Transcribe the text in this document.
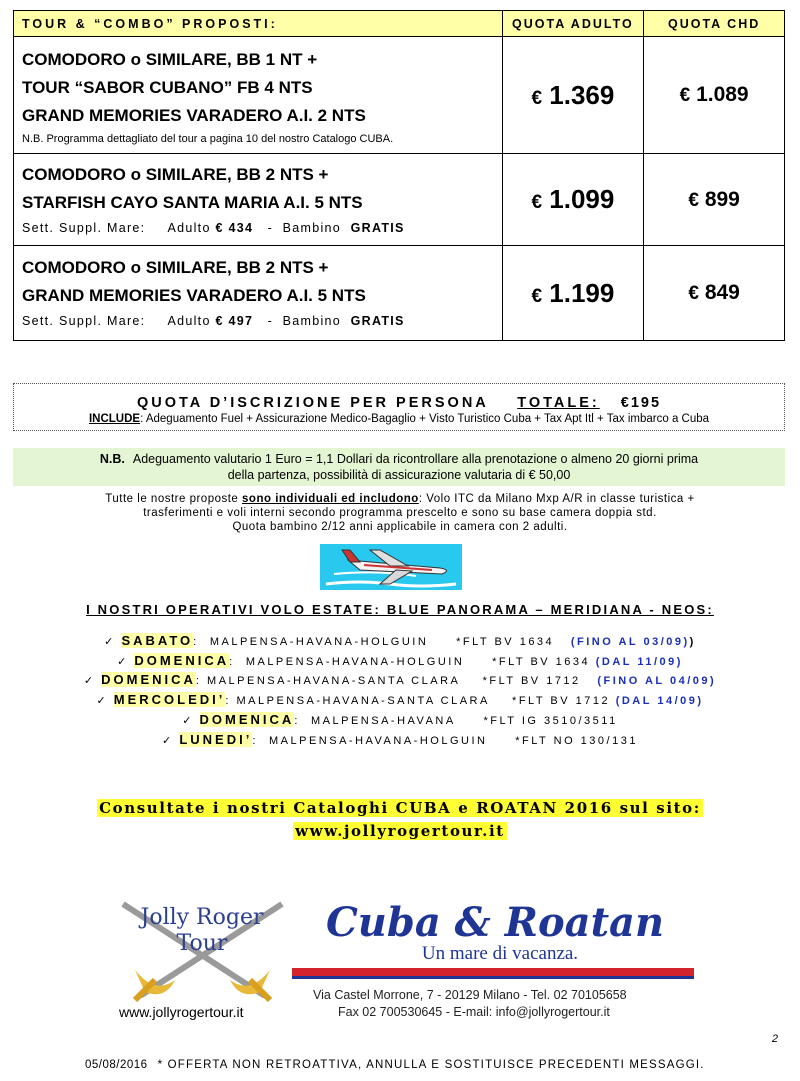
TOUR & “COMBO” PROPOSTI:	QUOTA ADULTO	QUOTA CHD

COMODORO o SIMILARE, BB 1 NT +
TOUR “SABOR CUBANO” FB 4 NTS
GRAND MEMORIES VARADERO A.I. 2 NTS
N.B. Programma dettagliato del tour a pagina 10 del nostro Catalogo CUBA.	€ 1.369	€ 1.089

COMODORO o SIMILARE, BB 2 NTS +
STARFISH CAYO SANTA MARIA A.I. 5 NTS
Sett. Suppl. Mare: Adulto € 434 - Bambino GRATIS	€ 1.099	€ 899

COMODORO o SIMILARE, BB 2 NTS +
GRAND MEMORIES VARADERO A.I. 5 NTS
Sett. Suppl. Mare: Adulto € 497 - Bambino GRATIS	€ 1.199	€ 849
QUOTA D’ISCRIZIONE PER PERSONA TOTALE: €195
INCLUDE: Adeguamento Fuel + Assicurazione Medico-Bagaglio + Visto Turistico Cuba + Tax Apt Itl + Tax imbarco a Cuba
N.B. Adeguamento valutario 1 Euro = 1,1 Dollari da ricontrollare alla prenotazione o almeno 20 giorni prima
della partenza, possibilità di assicurazione valutaria di € 50,00
Tutte le nostre proposte sono individuali ed includono: Volo ITC da Milano Mxp A/R in classe turistica +
trasferimenti e voli interni secondo programma prescelto e sono su base camera doppia std.
Quota bambino 2/12 anni applicabile in camera con 2 adulti.
I NOSTRI OPERATIVI VOLO ESTATE: BLUE PANORAMA – MERIDIANA - NEOS:
✓ SABATO: MALPENSA-HAVANA-HOLGUIN	*FLT BV 1634 (FINO AL 03/09))
✓ DOMENICA: MALPENSA-HAVANA-HOLGUIN	*FLT BV 1634 (DAL 11/09)
✓ DOMENICA: MALPENSA-HAVANA-SANTA CLARA *FLT BV 1712 (FINO AL 04/09)
✓ MERCOLEDI’: MALPENSA-HAVANA-SANTA CLARA *FLT BV 1712 (DAL 14/09)
✓ DOMENICA: MALPENSA-HAVANA	*FLT IG 3510/3511
✓ LUNEDI’: MALPENSA-HAVANA-HOLGUIN	*FLT NO 130/131
Consultate i nostri Cataloghi CUBA e ROATAN 2016 sul sito:
www.jollyrogertour.it
Jolly Roger
Tour
www.jollyrogertour.it
Cuba & Roatan
Un mare di vacanza.
Via Castel Morrone, 7 - 20129 Milano - Tel. 02 70105658
Fax 02 700530645 - E-mail: info@jollyrogertour.it
2
05/08/2016 * OFFERTA NON RETROATTIVA, ANNULLA E SOSTITUISCE PRECEDENTI MESSAGGI.
